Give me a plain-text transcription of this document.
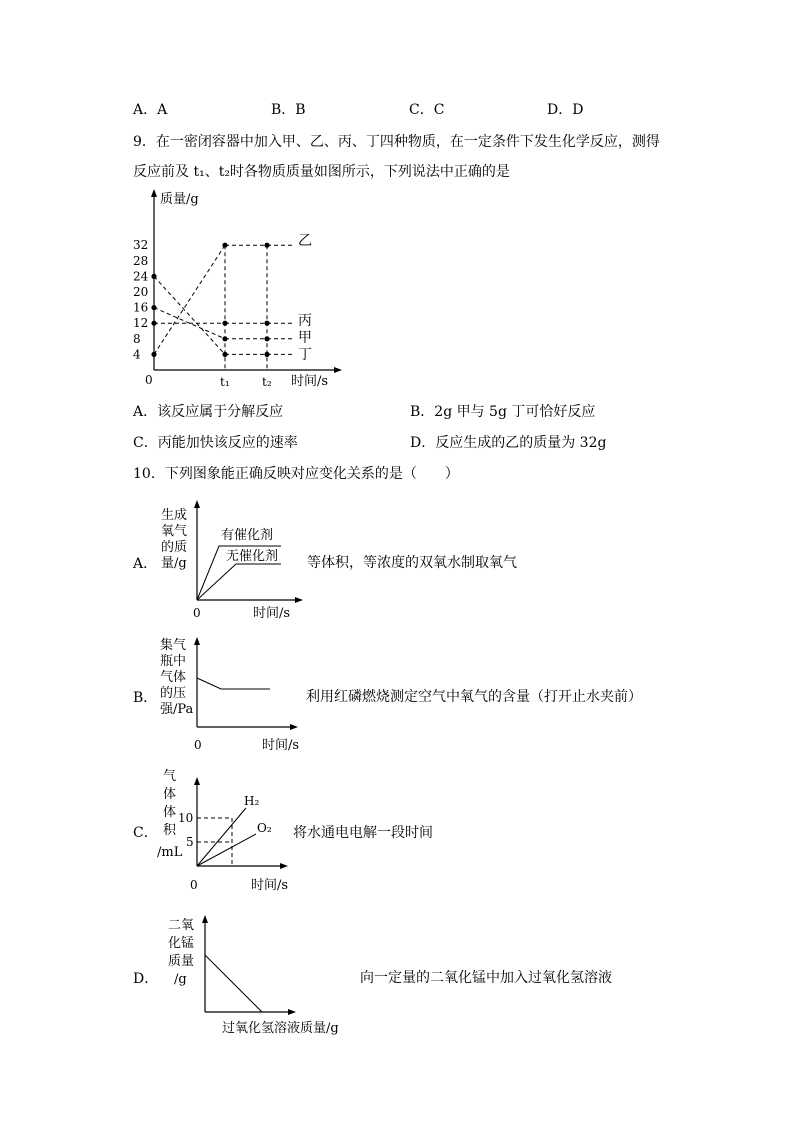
A．A	B．B	C．C	D．D
9．在一密闭容器中加入甲、乙、丙、丁四种物质，在一定条件下发生化学反应，测得
反应前及 t₁、t₂时各物质质量如图所示，下列说法中正确的是
质量/g
0	时间/s
32
28
24
20
16
12
8
4
t₁	t₂
乙
丙
甲
丁
A．该反应属于分解反应	B．2g 甲与 5g 丁可恰好反应
C．丙能加快该反应的速率	D．反应生成的乙的质量为 32g
10．下列图象能正确反映对应变化关系的是（　　）
A．
生成
氧气
的质
量/g
有催化剂
无催化剂
0	时间/s
等体积，等浓度的双氧水制取氧气
B．
集气
瓶中
气体
的压
强/Pa
0	时间/s
利用红磷燃烧测定空气中氧气的含量（打开止水夹前）
C．
气
体
体
积
/mL
10
5
H₂
O₂
0	时间/s
将水通电电解一段时间
D．
二氧
化锰
质量
/g
过氧化氢溶液质量/g
向一定量的二氧化锰中加入过氧化氢溶液
